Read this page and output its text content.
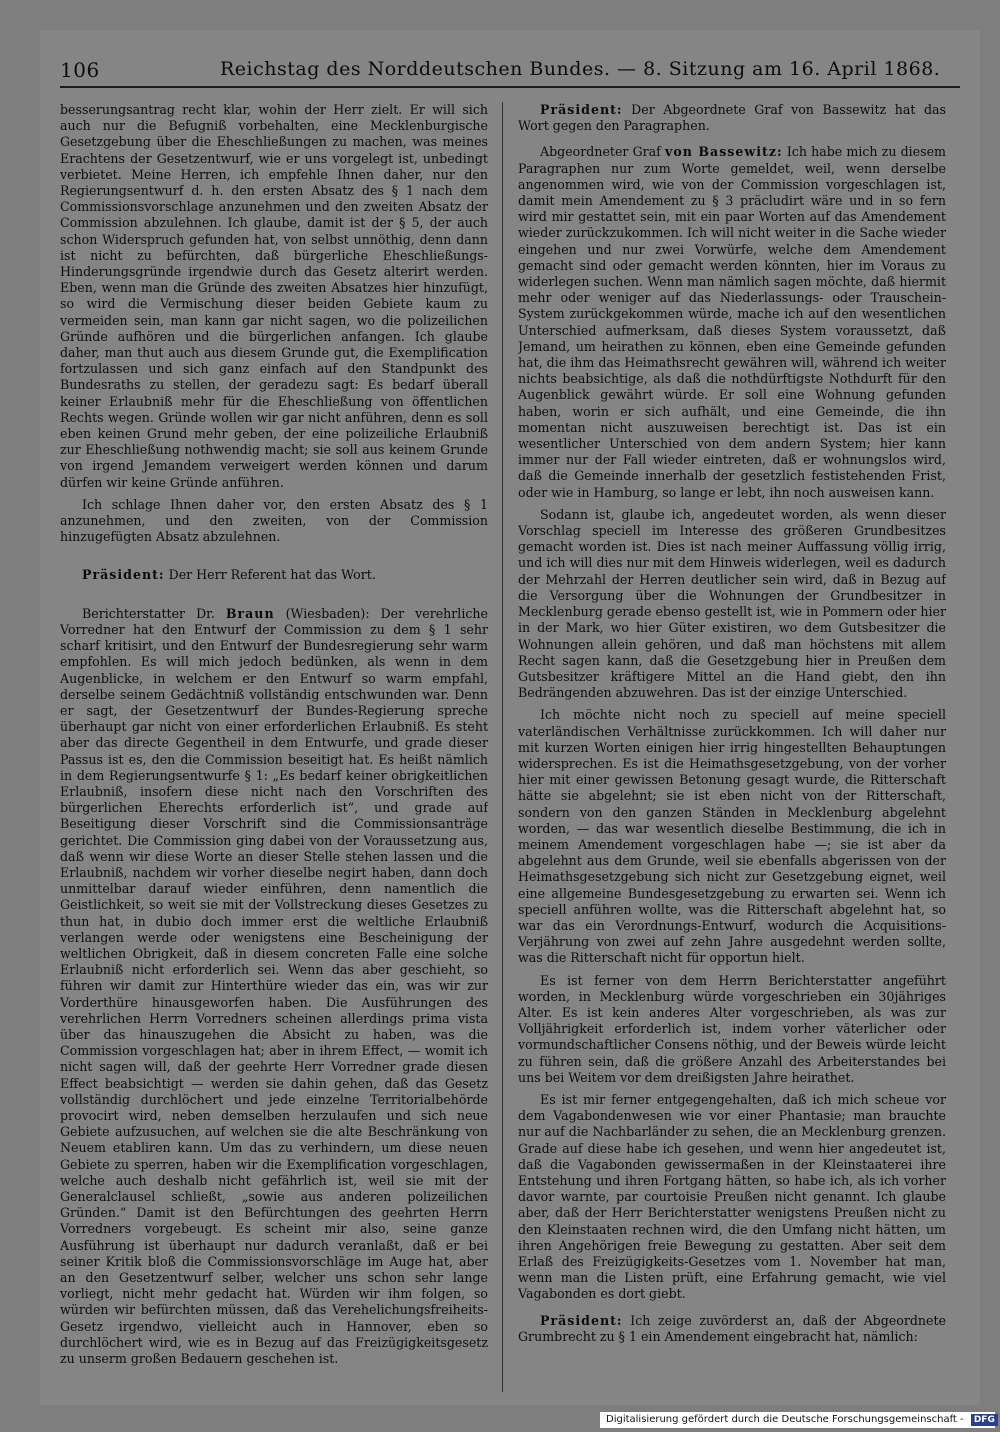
106	Reichstag des Norddeutschen Bundes. — 8. Sitzung am 16. April 1868.

besserungsantrag recht klar, wohin der Herr zielt. Er will sich auch nur die Befugniß vorbehalten, eine Mecklenburgische Gesetzgebung über die Eheschließungen zu machen, was meines Erachtens der Gesetzentwurf, wie er uns vorgelegt ist, unbedingt verbietet. Meine Herren, ich empfehle Ihnen daher, nur den Regierungsentwurf d. h. den ersten Absatz des § 1 nach dem Commissionsvorschlage anzunehmen und den zweiten Absatz der Commission abzulehnen. Ich glaube, damit ist der § 5, der auch schon Widerspruch gefunden hat, von selbst unnöthig, denn dann ist nicht zu befürchten, daß bürgerliche Eheschließungs-Hinderungsgründe irgendwie durch das Gesetz alterirt werden. Eben, wenn man die Gründe des zweiten Absatzes hier hinzufügt, so wird die Vermischung dieser beiden Gebiete kaum zu vermeiden sein, man kann gar nicht sagen, wo die polizeilichen Gründe aufhören und die bürgerlichen anfangen. Ich glaube daher, man thut auch aus diesem Grunde gut, die Exemplification fortzulassen und sich ganz einfach auf den Standpunkt des Bundesraths zu stellen, der geradezu sagt: Es bedarf überall keiner Erlaubniß mehr für die Eheschließung von öffentlichen Rechts wegen. Gründe wollen wir gar nicht anführen, denn es soll eben keinen Grund mehr geben, der eine polizeiliche Erlaubniß zur Eheschließung nothwendig macht; sie soll aus keinem Grunde von irgend Jemandem verweigert werden können und darum dürfen wir keine Gründe anführen.

Ich schlage Ihnen daher vor, den ersten Absatz des § 1 anzunehmen, und den zweiten, von der Commission hinzugefügten Absatz abzulehnen.

Präsident: Der Herr Referent hat das Wort.

Berichterstatter Dr. Braun (Wiesbaden): Der verehrliche Vorredner hat den Entwurf der Commission zu dem § 1 sehr scharf kritisirt, und den Entwurf der Bundesregierung sehr warm empfohlen. Es will mich jedoch bedünken, als wenn in dem Augenblicke, in welchem er den Entwurf so warm empfahl, derselbe seinem Gedächtniß vollständig entschwunden war. Denn er sagt, der Gesetzentwurf der Bundes-Regierung spreche überhaupt gar nicht von einer erforderlichen Erlaubniß. Es steht aber das directe Gegentheil in dem Entwurfe, und grade dieser Passus ist es, den die Commission beseitigt hat. Es heißt nämlich in dem Regierungsentwurfe § 1: „Es bedarf keiner obrigkeitlichen Erlaubniß, insofern diese nicht nach den Vorschriften des bürgerlichen Eherechts erforderlich ist“, und grade auf Beseitigung dieser Vorschrift sind die Commissionsanträge gerichtet. Die Commission ging dabei von der Voraussetzung aus, daß wenn wir diese Worte an dieser Stelle stehen lassen und die Erlaubniß, nachdem wir vorher dieselbe negirt haben, dann doch unmittelbar darauf wieder einführen, denn namentlich die Geistlichkeit, so weit sie mit der Vollstreckung dieses Gesetzes zu thun hat, in dubio doch immer erst die weltliche Erlaubniß verlangen werde oder wenigstens eine Bescheinigung der weltlichen Obrigkeit, daß in diesem concreten Falle eine solche Erlaubniß nicht erforderlich sei. Wenn das aber geschieht, so führen wir damit zur Hinterthüre wieder das ein, was wir zur Vorderthüre hinausgeworfen haben. Die Ausführungen des verehrlichen Herrn Vorredners scheinen allerdings prima vista über das hinauszugehen die Absicht zu haben, was die Commission vorgeschlagen hat; aber in ihrem Effect, — womit ich nicht sagen will, daß der geehrte Herr Vorredner grade diesen Effect beabsichtigt — werden sie dahin gehen, daß das Gesetz vollständig durchlöchert und jede einzelne Territorialbehörde provocirt wird, neben demselben herzulaufen und sich neue Gebiete aufzusuchen, auf welchen sie die alte Beschränkung von Neuem etabliren kann. Um das zu verhindern, um diese neuen Gebiete zu sperren, haben wir die Exemplification vorgeschlagen, welche auch deshalb nicht gefährlich ist, weil sie mit der Generalclausel schließt, „sowie aus anderen polizeilichen Gründen.“ Damit ist den Befürchtungen des geehrten Herrn Vorredners vorgebeugt. Es scheint mir also, seine ganze Ausführung ist überhaupt nur dadurch veranlaßt, daß er bei seiner Kritik bloß die Commissionsvorschläge im Auge hat, aber an den Gesetzentwurf selber, welcher uns schon sehr lange vorliegt, nicht mehr gedacht hat. Würden wir ihm folgen, so würden wir befürchten müssen, daß das Verehelichungsfreiheits-Gesetz irgendwo, vielleicht auch in Hannover, eben so durchlöchert wird, wie es in Bezug auf das Freizügigkeitsgesetz zu unserm großen Bedauern geschehen ist.

Präsident: Der Abgeordnete Graf von Bassewitz hat das Wort gegen den Paragraphen.

Abgeordneter Graf von Bassewitz: Ich habe mich zu diesem Paragraphen nur zum Worte gemeldet, weil, wenn derselbe angenommen wird, wie von der Commission vorgeschlagen ist, damit mein Amendement zu § 3 präcludirt wäre und in so fern wird mir gestattet sein, mit ein paar Worten auf das Amendement wieder zurückzukommen. Ich will nicht weiter in die Sache wieder eingehen und nur zwei Vorwürfe, welche dem Amendement gemacht sind oder gemacht werden könnten, hier im Voraus zu widerlegen suchen. Wenn man nämlich sagen möchte, daß hiermit mehr oder weniger auf das Niederlassungs- oder Trauschein-System zurückgekommen würde, mache ich auf den wesentlichen Unterschied aufmerksam, daß dieses System voraussetzt, daß Jemand, um heirathen zu können, eben eine Gemeinde gefunden hat, die ihm das Heimathsrecht gewähren will, während ich weiter nichts beabsichtige, als daß die nothdürftigste Nothdurft für den Augenblick gewährt würde. Er soll eine Wohnung gefunden haben, worin er sich aufhält, und eine Gemeinde, die ihn momentan nicht auszuweisen berechtigt ist. Das ist ein wesentlicher Unterschied von dem andern System; hier kann immer nur der Fall wieder eintreten, daß er wohnungslos wird, daß die Gemeinde innerhalb der gesetzlich festistehenden Frist, oder wie in Hamburg, so lange er lebt, ihn noch ausweisen kann.

Sodann ist, glaube ich, angedeutet worden, als wenn dieser Vorschlag speciell im Interesse des größeren Grundbesitzes gemacht worden ist. Dies ist nach meiner Auffassung völlig irrig, und ich will dies nur mit dem Hinweis widerlegen, weil es dadurch der Mehrzahl der Herren deutlicher sein wird, daß in Bezug auf die Versorgung über die Wohnungen der Grundbesitzer in Mecklenburg gerade ebenso gestellt ist, wie in Pommern oder hier in der Mark, wo hier Güter existiren, wo dem Gutsbesitzer die Wohnungen allein gehören, und daß man höchstens mit allem Recht sagen kann, daß die Gesetzgebung hier in Preußen dem Gutsbesitzer kräftigere Mittel an die Hand giebt, den ihn Bedrängenden abzuwehren. Das ist der einzige Unterschied.

Ich möchte nicht noch zu speciell auf meine speciell vaterländischen Verhältnisse zurückkommen. Ich will daher nur mit kurzen Worten einigen hier irrig hingestellten Behauptungen widersprechen. Es ist die Heimathsgesetzgebung, von der vorher hier mit einer gewissen Betonung gesagt wurde, die Ritterschaft hätte sie abgelehnt; sie ist eben nicht von der Ritterschaft, sondern von den ganzen Ständen in Mecklenburg abgelehnt worden, — das war wesentlich dieselbe Bestimmung, die ich in meinem Amendement vorgeschlagen habe —; sie ist aber da abgelehnt aus dem Grunde, weil sie ebenfalls abgerissen von der Heimathsgesetzgebung sich nicht zur Gesetzgebung eignet, weil eine allgemeine Bundesgesetzgebung zu erwarten sei. Wenn ich speciell anführen wollte, was die Ritterschaft abgelehnt hat, so war das ein Verordnungs-Entwurf, wodurch die Acquisitions-Verjährung von zwei auf zehn Jahre ausgedehnt werden sollte, was die Ritterschaft nicht für opportun hielt.

Es ist ferner von dem Herrn Berichterstatter angeführt worden, in Mecklenburg würde vorgeschrieben ein 30jähriges Alter. Es ist kein anderes Alter vorgeschrieben, als was zur Volljährigkeit erforderlich ist, indem vorher väterlicher oder vormundschaftlicher Consens nöthig, und der Beweis würde leicht zu führen sein, daß die größere Anzahl des Arbeiterstandes bei uns bei Weitem vor dem dreißigsten Jahre heirathet.

Es ist mir ferner entgegengehalten, daß ich mich scheue vor dem Vagabondenwesen wie vor einer Phantasie; man brauchte nur auf die Nachbarländer zu sehen, die an Mecklenburg grenzen. Grade auf diese habe ich gesehen, und wenn hier angedeutet ist, daß die Vagabonden gewissermaßen in der Kleinstaaterei ihre Entstehung und ihren Fortgang hätten, so habe ich, als ich vorher davor warnte, par courtoisie Preußen nicht genannt. Ich glaube aber, daß der Herr Berichterstatter wenigstens Preußen nicht zu den Kleinstaaten rechnen wird, die den Umfang nicht hätten, um ihren Angehörigen freie Bewegung zu gestatten. Aber seit dem Erlaß des Freizügigkeits-Gesetzes vom 1. November hat man, wenn man die Listen prüft, eine Erfahrung gemacht, wie viel Vagabonden es dort giebt.

Präsident: Ich zeige zuvörderst an, daß der Abgeordnete Grumbrecht zu § 1 ein Amendement eingebracht hat, nämlich:

Digitalisierung gefördert durch die Deutsche Forschungsgemeinschaft - DFG
